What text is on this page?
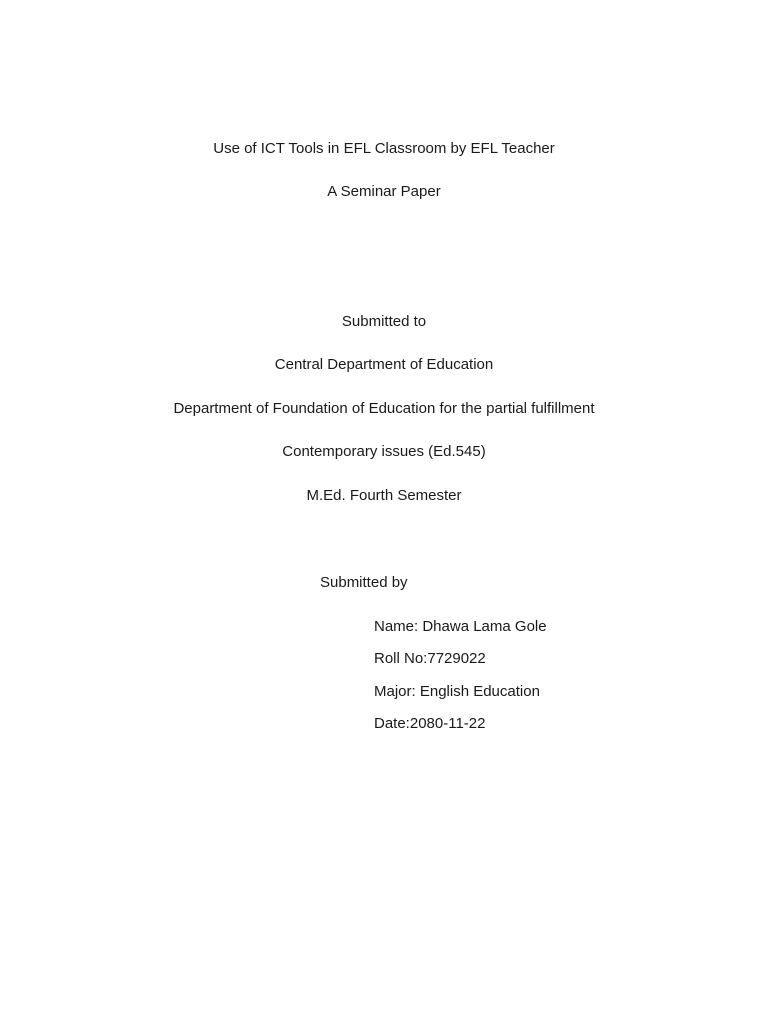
Use of ICT Tools in EFL Classroom by EFL Teacher
A Seminar Paper
Submitted to
Central Department of Education
Department of Foundation of Education for the partial fulfillment
Contemporary issues (Ed.545)
M.Ed. Fourth Semester
Submitted by
Name: Dhawa Lama Gole
Roll No:7729022
Major: English Education
Date:2080-11-22
